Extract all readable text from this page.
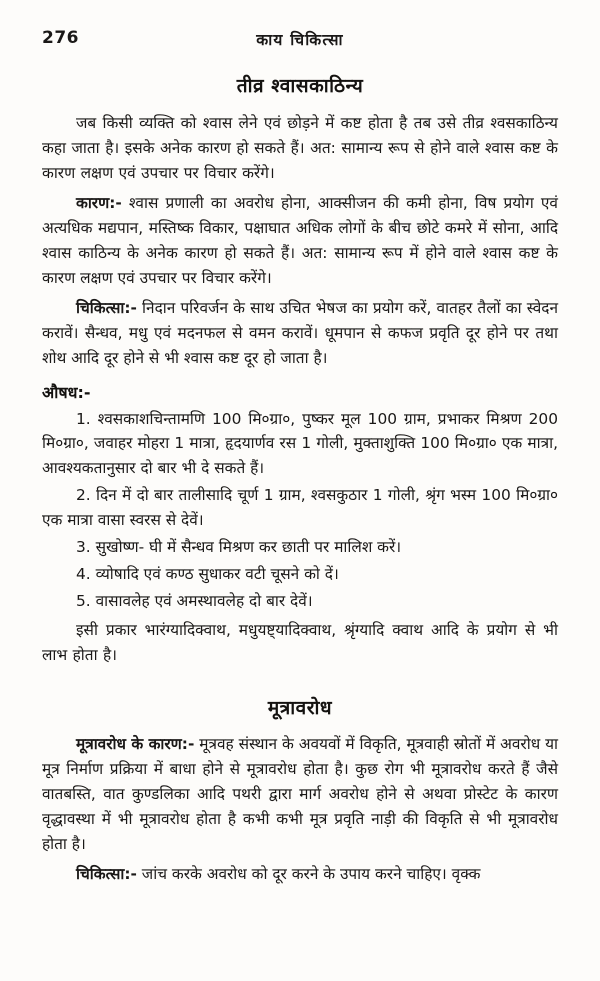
276	काय चिकित्सा
तीव्र श्वासकाठिन्य

जब किसी व्यक्ति को श्वास लेने एवं छोड़ने में कष्ट होता है तब उसे तीव्र श्वसकाठिन्य कहा जाता है। इसके अनेक कारण हो सकते हैं। अत: सामान्य रूप से होने वाले श्वास कष्ट के कारण लक्षण एवं उपचार पर विचार करेंगे।

कारण:- श्वास प्रणाली का अवरोध होना, आक्सीजन की कमी होना, विष प्रयोग एवं अत्यधिक मद्यपान, मस्तिष्क विकार, पक्षाघात अधिक लोगों के बीच छोटे कमरे में सोना, आदि श्वास काठिन्य के अनेक कारण हो सकते हैं। अत: सामान्य रूप में होने वाले श्वास कष्ट के कारण लक्षण एवं उपचार पर विचार करेंगे।

चिकित्सा:- निदान परिवर्जन के साथ उचित भेषज का प्रयोग करें, वातहर तैलों का स्वेदन करावें। सैन्धव, मधु एवं मदनफल से वमन करावें। धूमपान से कफज प्रवृति दूर होने पर तथा शोथ आदि दूर होने से भी श्वास कष्ट दूर हो जाता है।

औषध:-

1. श्वसकाशचिन्तामणि 100 मि०ग्रा०, पुष्कर मूल 100 ग्राम, प्रभाकर मिश्रण 200 मि०ग्रा०, जवाहर मोहरा 1 मात्रा, हृदयार्णव रस 1 गोली, मुक्ताशुक्ति 100 मि०ग्रा० एक मात्रा, आवश्यकतानुसार दो बार भी दे सकते हैं।
2. दिन में दो बार तालीसादि चूर्ण 1 ग्राम, श्वसकुठार 1 गोली, श्रृंग भस्म 100 मि०ग्रा० एक मात्रा वासा स्वरस से देवें।
3. सुखोष्ण- घी में सैन्धव मिश्रण कर छाती पर मालिश करें।
4. व्योषादि एवं कण्ठ सुधाकर वटी चूसने को दें।
5. वासावलेह एवं अमस्थावलेह दो बार देवें।

इसी प्रकार भारंग्यादिक्वाथ, मधुयष्ट्यादिक्वाथ, श्रृंग्यादि क्वाथ आदि के प्रयोग से भी लाभ होता है।

मूत्रावरोध

मूत्रावरोध के कारण:- मूत्रवह संस्थान के अवयवों में विकृति, मूत्रवाही स्रोतों में अवरोध या मूत्र निर्माण प्रक्रिया में बाधा होने से मूत्रावरोध होता है। कुछ रोग भी मूत्रावरोध करते हैं जैसे वातबस्ति, वात कुण्डलिका आदि पथरी द्वारा मार्ग अवरोध होने से अथवा प्रोस्टेट के कारण वृद्धावस्था में भी मूत्रावरोध होता है कभी कभी मूत्र प्रवृति नाड़ी की विकृति से भी मूत्रावरोध होता है।

चिकित्सा:- जांच करके अवरोध को दूर करने के उपाय करने चाहिए। वृक्क
